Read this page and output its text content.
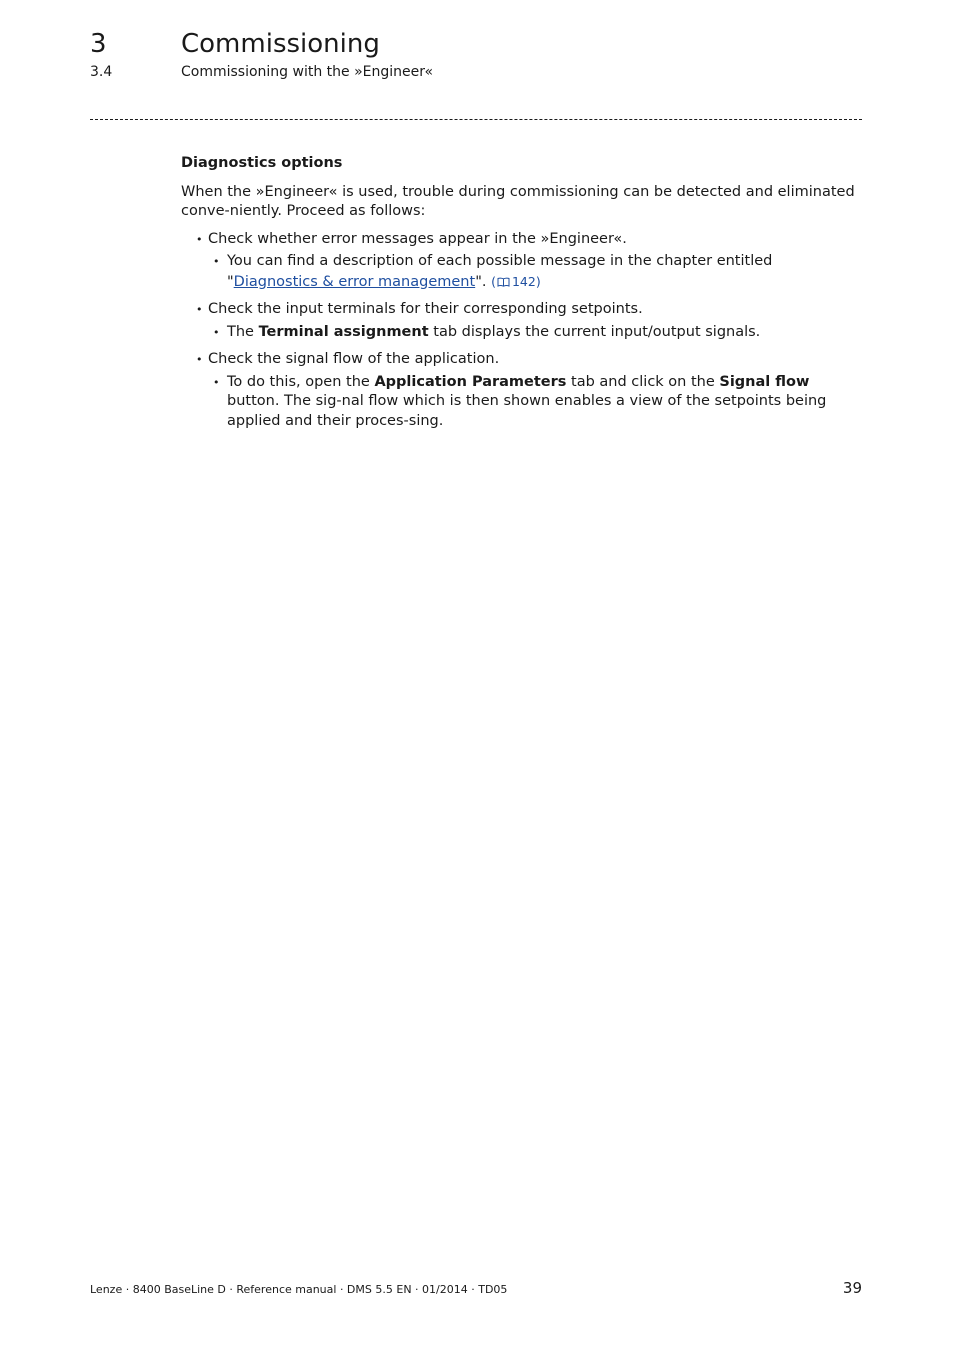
3	Commissioning
3.4	Commissioning with the »Engineer«
Diagnostics options

When the »Engineer« is used, trouble during commissioning can be detected and eliminated conve-niently. Proceed as follows:

• Check whether error messages appear in the »Engineer«.
• You can find a description of each possible message in the chapter entitled "Diagnostics & error management". ( 142)
• Check the input terminals for their corresponding setpoints.
• The Terminal assignment tab displays the current input/output signals.
• Check the signal flow of the application.
• To do this, open the Application Parameters tab and click on the Signal flow button. The sig-nal flow which is then shown enables a view of the setpoints being applied and their proces-sing.
Lenze · 8400 BaseLine D · Reference manual · DMS 5.5 EN · 01/2014 · TD05	39
